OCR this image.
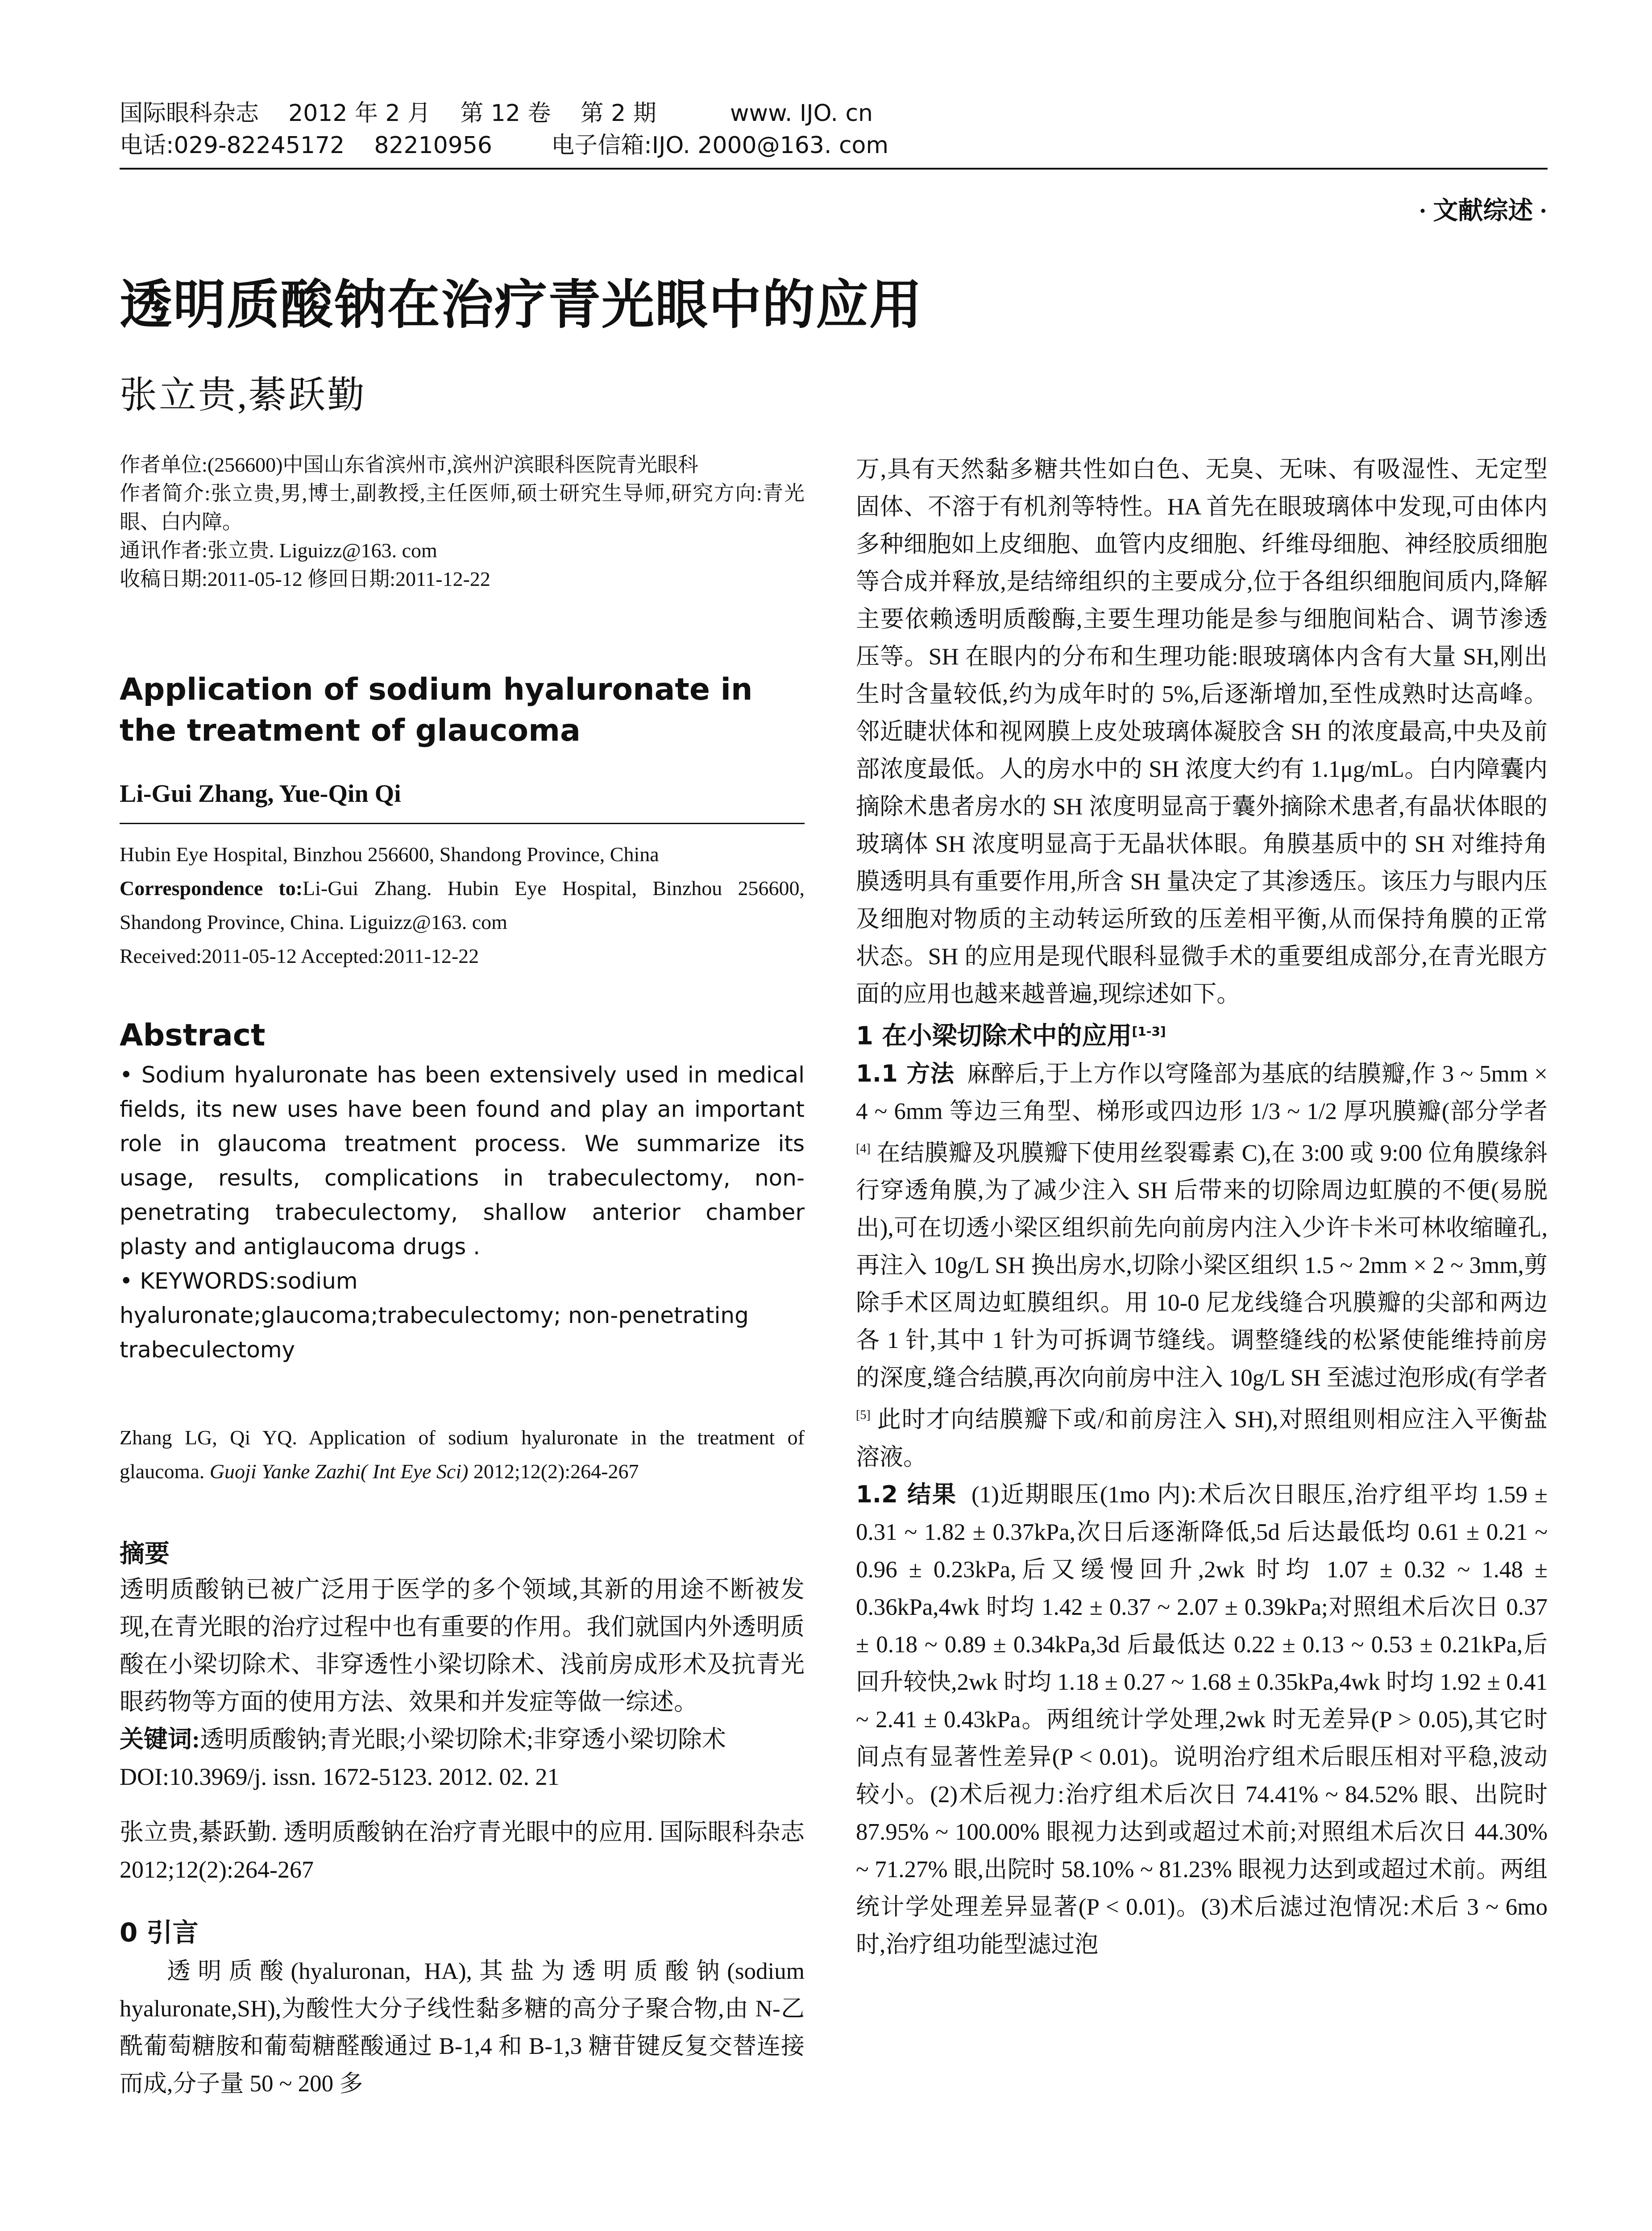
国际眼科杂志    2012 年 2 月    第 12 卷    第 2 期          www. IJO. cn
电话:029-82245172    82210956        电子信箱:IJO. 2000@163. com
· 文献综述 ·
透明质酸钠在治疗青光眼中的应用
张立贵,綦跃勤

作者单位:(256600)中国山东省滨州市,滨州沪滨眼科医院青光眼科

作者简介:张立贵,男,博士,副教授,主任医师,硕士研究生导师,研究方向:青光眼、白内障。

通讯作者:张立贵. Liguizz@163. com

收稿日期:2011-05-12 修回日期:2011-12-22

Application of sodium hyaluronate in the treatment of glaucoma
Li-Gui Zhang, Yue-Qin Qi

Hubin Eye Hospital, Binzhou 256600, Shandong Province, China

Correspondence to:Li-Gui Zhang. Hubin Eye Hospital, Binzhou 256600, Shandong Province, China. Liguizz@163. com

Received:2011-05-12 Accepted:2011-12-22

Abstract

• Sodium hyaluronate has been extensively used in medical fields, its new uses have been found and play an important role in glaucoma treatment process. We summarize its usage, results, complications in trabeculectomy, non-penetrating trabeculectomy, shallow anterior chamber plasty and antiglaucoma drugs .

• KEYWORDS:sodium hyaluronate;glaucoma;trabeculectomy; non-penetrating trabeculectomy

Zhang LG, Qi YQ. Application of sodium hyaluronate in the treatment of glaucoma. Guoji Yanke Zazhi( Int Eye Sci) 2012;12(2):264-267

摘要

透明质酸钠已被广泛用于医学的多个领域,其新的用途不断被发现,在青光眼的治疗过程中也有重要的作用。我们就国内外透明质酸在小梁切除术、非穿透性小梁切除术、浅前房成形术及抗青光眼药物等方面的使用方法、效果和并发症等做一综述。

关键词:透明质酸钠;青光眼;小梁切除术;非穿透小梁切除术

DOI:10.3969/j. issn. 1672-5123. 2012. 02. 21

张立贵,綦跃勤. 透明质酸钠在治疗青光眼中的应用. 国际眼科杂志 2012;12(2):264-267

0 引言

透明质酸(hyaluronan, HA),其盐为透明质酸钠(sodium hyaluronate,SH),为酸性大分子线性黏多糖的高分子聚合物,由 N-乙酰葡萄糖胺和葡萄糖醛酸通过 B-1,4 和 B-1,3 糖苷键反复交替连接而成,分子量 50 ~ 200 多

万,具有天然黏多糖共性如白色、无臭、无味、有吸湿性、无定型固体、不溶于有机剂等特性。HA 首先在眼玻璃体中发现,可由体内多种细胞如上皮细胞、血管内皮细胞、纤维母细胞、神经胶质细胞等合成并释放,是结缔组织的主要成分,位于各组织细胞间质内,降解主要依赖透明质酸酶,主要生理功能是参与细胞间粘合、调节渗透压等。SH 在眼内的分布和生理功能:眼玻璃体内含有大量 SH,刚出生时含量较低,约为成年时的 5%,后逐渐增加,至性成熟时达高峰。邻近睫状体和视网膜上皮处玻璃体凝胶含 SH 的浓度最高,中央及前部浓度最低。人的房水中的 SH 浓度大约有 1.1μg/mL。白内障囊内摘除术患者房水的 SH 浓度明显高于囊外摘除术患者,有晶状体眼的玻璃体 SH 浓度明显高于无晶状体眼。角膜基质中的 SH 对维持角膜透明具有重要作用,所含 SH 量决定了其渗透压。该压力与眼内压及细胞对物质的主动转运所致的压差相平衡,从而保持角膜的正常状态。SH 的应用是现代眼科显微手术的重要组成部分,在青光眼方面的应用也越来越普遍,现综述如下。

1 在小梁切除术中的应用[1-3]

1.1 方法 麻醉后,于上方作以穹隆部为基底的结膜瓣,作 3 ~ 5mm × 4 ~ 6mm 等边三角型、梯形或四边形 1/3 ~ 1/2 厚巩膜瓣(部分学者[4] 在结膜瓣及巩膜瓣下使用丝裂霉素 C),在 3:00 或 9:00 位角膜缘斜行穿透角膜,为了减少注入 SH 后带来的切除周边虹膜的不便(易脱出),可在切透小梁区组织前先向前房内注入少许卡米可林收缩瞳孔,再注入 10g/L SH 换出房水,切除小梁区组织 1.5 ~ 2mm × 2 ~ 3mm,剪除手术区周边虹膜组织。用 10-0 尼龙线缝合巩膜瓣的尖部和两边各 1 针,其中 1 针为可拆调节缝线。调整缝线的松紧使能维持前房的深度,缝合结膜,再次向前房中注入 10g/L SH 至滤过泡形成(有学者[5] 此时才向结膜瓣下或/和前房注入 SH),对照组则相应注入平衡盐溶液。

1.2 结果 (1)近期眼压(1mo 内):术后次日眼压,治疗组平均 1.59 ± 0.31 ~ 1.82 ± 0.37kPa,次日后逐渐降低,5d 后达最低均 0.61 ± 0.21 ~ 0.96 ± 0.23kPa,后又缓慢回升,2wk 时均 1.07 ± 0.32 ~ 1.48 ± 0.36kPa,4wk 时均 1.42 ± 0.37 ~ 2.07 ± 0.39kPa;对照组术后次日 0.37 ± 0.18 ~ 0.89 ± 0.34kPa,3d 后最低达 0.22 ± 0.13 ~ 0.53 ± 0.21kPa,后回升较快,2wk 时均 1.18 ± 0.27 ~ 1.68 ± 0.35kPa,4wk 时均 1.92 ± 0.41 ~ 2.41 ± 0.43kPa。两组统计学处理,2wk 时无差异(P > 0.05),其它时间点有显著性差异(P < 0.01)。说明治疗组术后眼压相对平稳,波动较小。(2)术后视力:治疗组术后次日 74.41% ~ 84.52% 眼、出院时 87.95% ~ 100.00% 眼视力达到或超过术前;对照组术后次日 44.30% ~ 71.27% 眼,出院时 58.10% ~ 81.23% 眼视力达到或超过术前。两组统计学处理差异显著(P < 0.01)。(3)术后滤过泡情况:术后 3 ~ 6mo 时,治疗组功能型滤过泡
